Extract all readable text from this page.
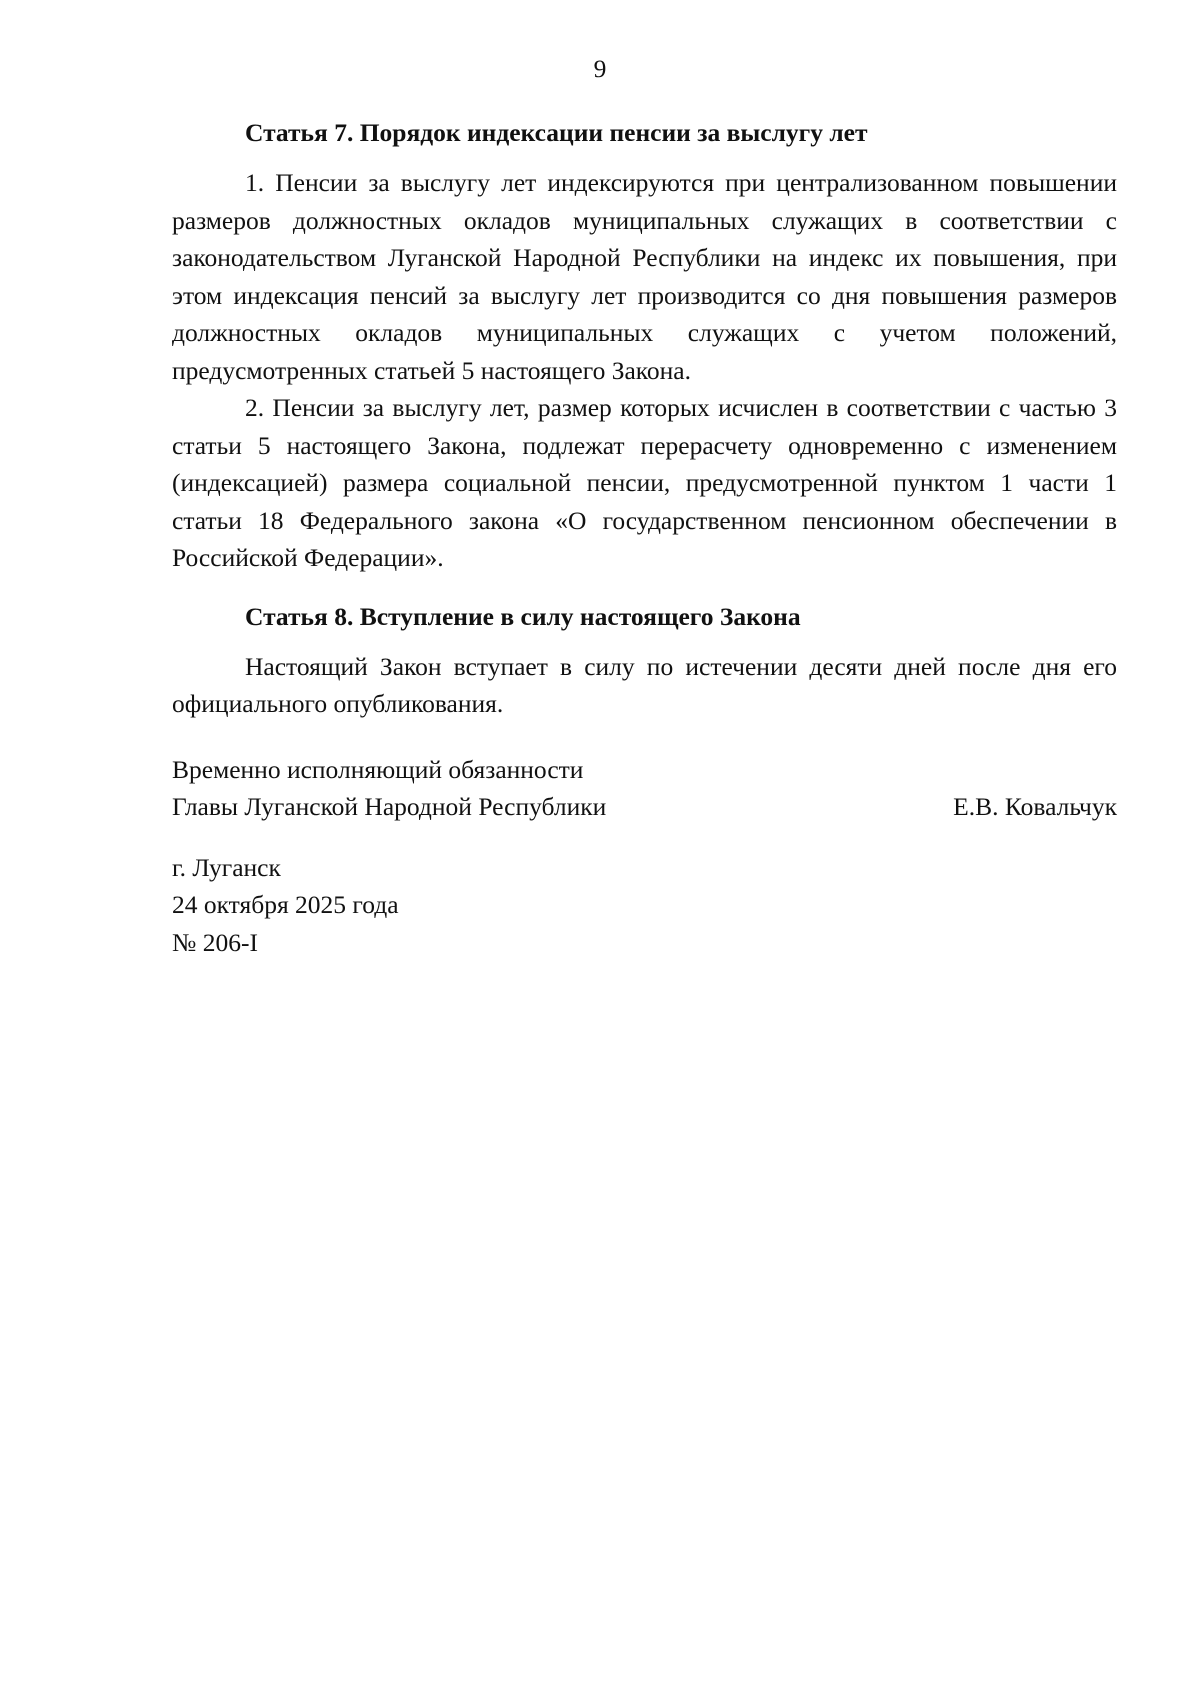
9

Статья 7. Порядок индексации пенсии за выслугу лет

1. Пенсии за выслугу лет индексируются при централизованном повышении размеров должностных окладов муниципальных служащих в соответствии с законодательством Луганской Народной Республики на индекс их повышения, при этом индексация пенсий за выслугу лет производится со дня повышения размеров должностных окладов муниципальных служащих с учетом положений, предусмотренных статьей 5 настоящего Закона.

2. Пенсии за выслугу лет, размер которых исчислен в соответствии с частью 3 статьи 5 настоящего Закона, подлежат перерасчету одновременно с изменением (индексацией) размера социальной пенсии, предусмотренной пунктом 1 части 1 статьи 18 Федерального закона «О государственном пенсионном обеспечении в Российской Федерации».

Статья 8. Вступление в силу настоящего Закона

Настоящий Закон вступает в силу по истечении десяти дней после дня его официального опубликования.

Временно исполняющий обязанности

Главы Луганской Народной Республики	Е.В. Ковальчук

г. Луганск

24 октября 2025 года

№ 206-I
